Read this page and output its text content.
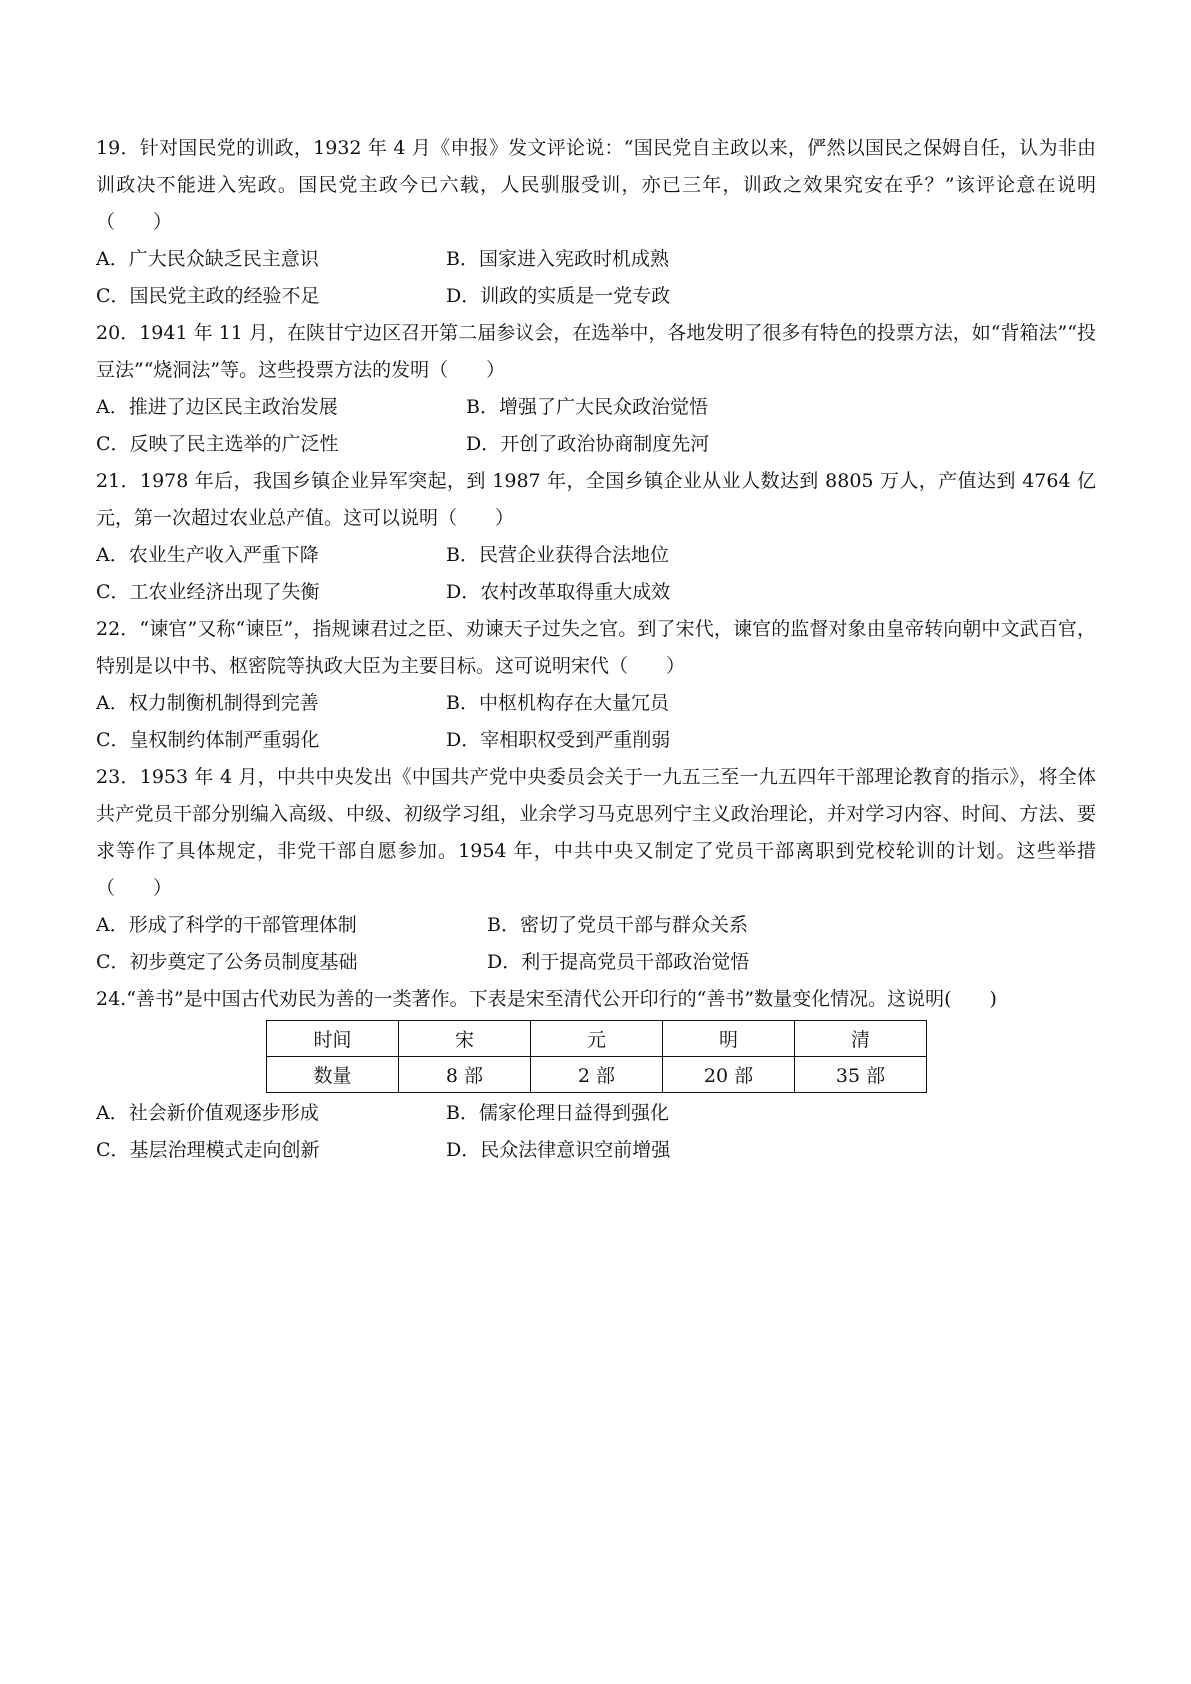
19．针对国民党的训政，1932 年 4 月《申报》发文评论说：“国民党自主政以来，俨然以国民之保姆自任，认为非由训政决不能进入宪政。国民党主政今已六载，人民驯服受训，亦已三年，训政之效果究安在乎？”该评论意在说明（　　）

A．广大民众缺乏民主意识	B．国家进入宪政时机成熟
C．国民党主政的经验不足	D．训政的实质是一党专政

20．1941 年 11 月，在陕甘宁边区召开第二届参议会，在选举中，各地发明了很多有特色的投票方法，如“背箱法”“投豆法”“烧洞法”等。这些投票方法的发明（　　）

A．推进了边区民主政治发展	B．增强了广大民众政治觉悟
C．反映了民主选举的广泛性	D．开创了政治协商制度先河

21．1978 年后，我国乡镇企业异军突起，到 1987 年，全国乡镇企业从业人数达到 8805 万人，产值达到 4764 亿元，第一次超过农业总产值。这可以说明（　　）

A．农业生产收入严重下降	B．民营企业获得合法地位
C．工农业经济出现了失衡	D．农村改革取得重大成效

22．“谏官”又称“谏臣”，指规谏君过之臣、劝谏天子过失之官。到了宋代，谏官的监督对象由皇帝转向朝中文武百官，特别是以中书、枢密院等执政大臣为主要目标。这可说明宋代（　　）

A．权力制衡机制得到完善	B．中枢机构存在大量冗员
C．皇权制约体制严重弱化	D．宰相职权受到严重削弱

23．1953 年 4 月，中共中央发出《中国共产党中央委员会关于一九五三至一九五四年干部理论教育的指示》，将全体共产党员干部分别编入高级、中级、初级学习组，业余学习马克思列宁主义政治理论，并对学习内容、时间、方法、要求等作了具体规定，非党干部自愿参加。1954 年，中共中央又制定了党员干部离职到党校轮训的计划。这些举措（　　）

A．形成了科学的干部管理体制	B．密切了党员干部与群众关系
C．初步奠定了公务员制度基础	D．利于提高党员干部政治觉悟

24.“善书”是中国古代劝民为善的一类著作。下表是宋至清代公开印行的“善书”数量变化情况。这说明(　　)

时间	宋	元	明	清
数量	8 部	2 部	20 部	35 部
A．社会新价值观逐步形成	B．儒家伦理日益得到强化
C．基层治理模式走向创新	D．民众法律意识空前增强
